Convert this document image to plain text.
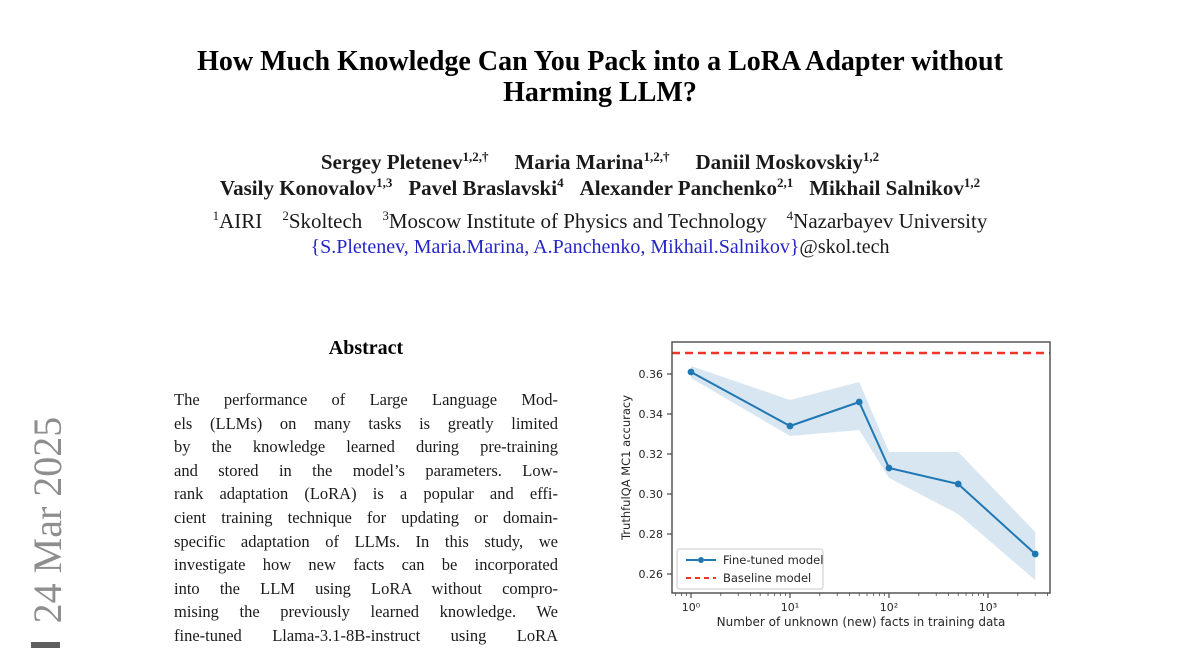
24 Mar 2025
How Much Knowledge Can You Pack into a LoRA Adapter without Harming LLM?
Sergey Pletenev$^{1,2,\dagger}$ Maria Marina$^{1,2,\dagger}$ Daniil Moskovskiy$^{1,2}$
Vasily Konovalov$^{1,3}$ Pavel Braslavski$^4$ Alexander Panchenko$^{2,1}$ Mikhail Salnikov$^{1,2}$
$^1$AIRI $^2$Skoltech $^3$Moscow Institute of Physics and Technology $^4$Nazarbayev University
{S.Pletenev, Maria.Marina, A.Panchenko, Mikhail.Salnikov}@skol.tech
Abstract
The performance of Large Language Mod-
els (LLMs) on many tasks is greatly limited
by the knowledge learned during pre-training
and stored in the model’s parameters. Low-
rank adaptation (LoRA) is a popular and effi-
cient training technique for updating or domain-
specific adaptation of LLMs. In this study, we
investigate how new facts can be incorporated
into the LLM using LoRA without compro-
mising the previously learned knowledge. We
fine-tuned Llama-3.1-8B-instruct using LoRA
0.36
0.34
0.32
0.30
0.28
0.26
10⁰	10¹	10²	10³
TruthfulQA MC1 accuracy
Number of unknown (new) facts in training data
Fine-tuned model
Baseline model
